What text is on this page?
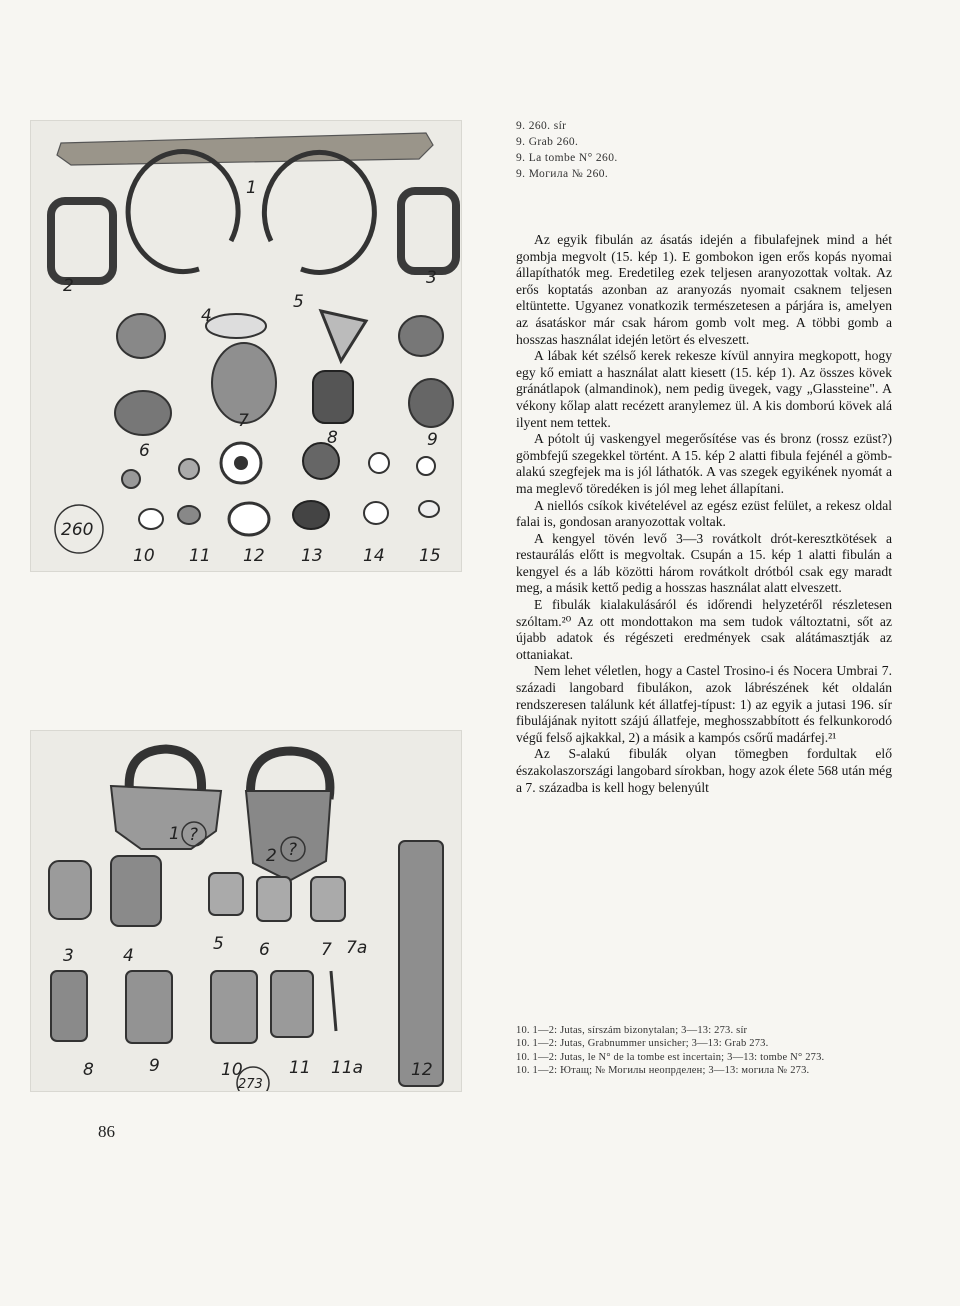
1
2	3
4
5
6
7
8	9
10 11 12 13 14 15
260
1 ?
2 ?
3	4
5 6	7 7a
8	9	10	11 11a	12
273
9. 260. sír
9. Grab 260.
9. La tombe N° 260.
9. Могила № 260.

Az egyik fibulán az ásatás idején a fibulafejnek mind a hét gombja megvolt (15. kép 1). E gombokon igen erős kopás nyomai állapíthatók meg. Eredetileg ezek teljesen aranyozottak voltak. Az erős koptatás azonban az aranyozás nyomait csaknem teljesen eltüntette. Ugyanez vonatkozik természetesen a párjára is, amelyen az ásatáskor már csak három gomb volt meg. A többi gomb a hosszas használat idején letört és elveszett.

A lábak két szélső kerek rekesze kívül annyira megkopott, hogy egy kő emiatt a használat alatt kiesett (15. kép 1). Az összes kövek gránátlapok (almandinok), nem pedig üvegek, vagy „Glassteine". A vékony kőlap alatt recézett aranylemez ül. A kis domború kövek alá ilyent nem tettek.

A pótolt új vaskengyel megerősítése vas és bronz (rossz ezüst?) gömbfejű szegekkel történt. A 15. kép 2 alatti fibula fejénél a gömb-alakú szegfejek ma is jól láthatók. A vas szegek egyikének nyomát a ma meglevő töredéken is jól meg lehet állapítani.

A niellós csíkok kivételével az egész ezüst felület, a rekesz oldal falai is, gondosan aranyozottak voltak.

A kengyel tövén levő 3—3 rovátkolt drót-keresztkötések a restaurálás előtt is megvoltak. Csupán a 15. kép 1 alatti fibulán a kengyel és a láb közötti három rovátkolt drótból csak egy maradt meg, a másik kettő pedig a hosszas használat alatt elveszett.

E fibulák kialakulásáról és időrendi helyzetéről részletesen szóltam.²⁰ Az ott mondottakon ma sem tudok változtatni, sőt az újabb adatok és régészeti eredmények csak alátámasztják az ottaniakat.

Nem lehet véletlen, hogy a Castel Trosino-i és Nocera Umbrai 7. századi langobard fibulákon, azok lábrészének két oldalán rendszeresen találunk két állatfej-típust: 1) az egyik a jutasi 196. sír fibulájának nyitott szájú állatfeje, meghosszabbított és felkunkorodó végű felső ajkakkal, 2) a másik a kampós csőrű madárfej.²¹

Az S-alakú fibulák olyan tömegben fordultak elő északolaszországi langobard sírokban, hogy azok élete 568 után még a 7. századba is kell hogy belenyúlt

10. 1—2: Jutas, sírszám bizonytalan; 3—13: 273. sír
10. 1—2: Jutas, Grabnummer unsicher; 3—13: Grab 273.
10. 1—2: Jutas, le N° de la tombe est incertain; 3—13: tombe N° 273.
10. 1—2: Ютащ; № Могилы неопрделен; 3—13: могила № 273.
86
